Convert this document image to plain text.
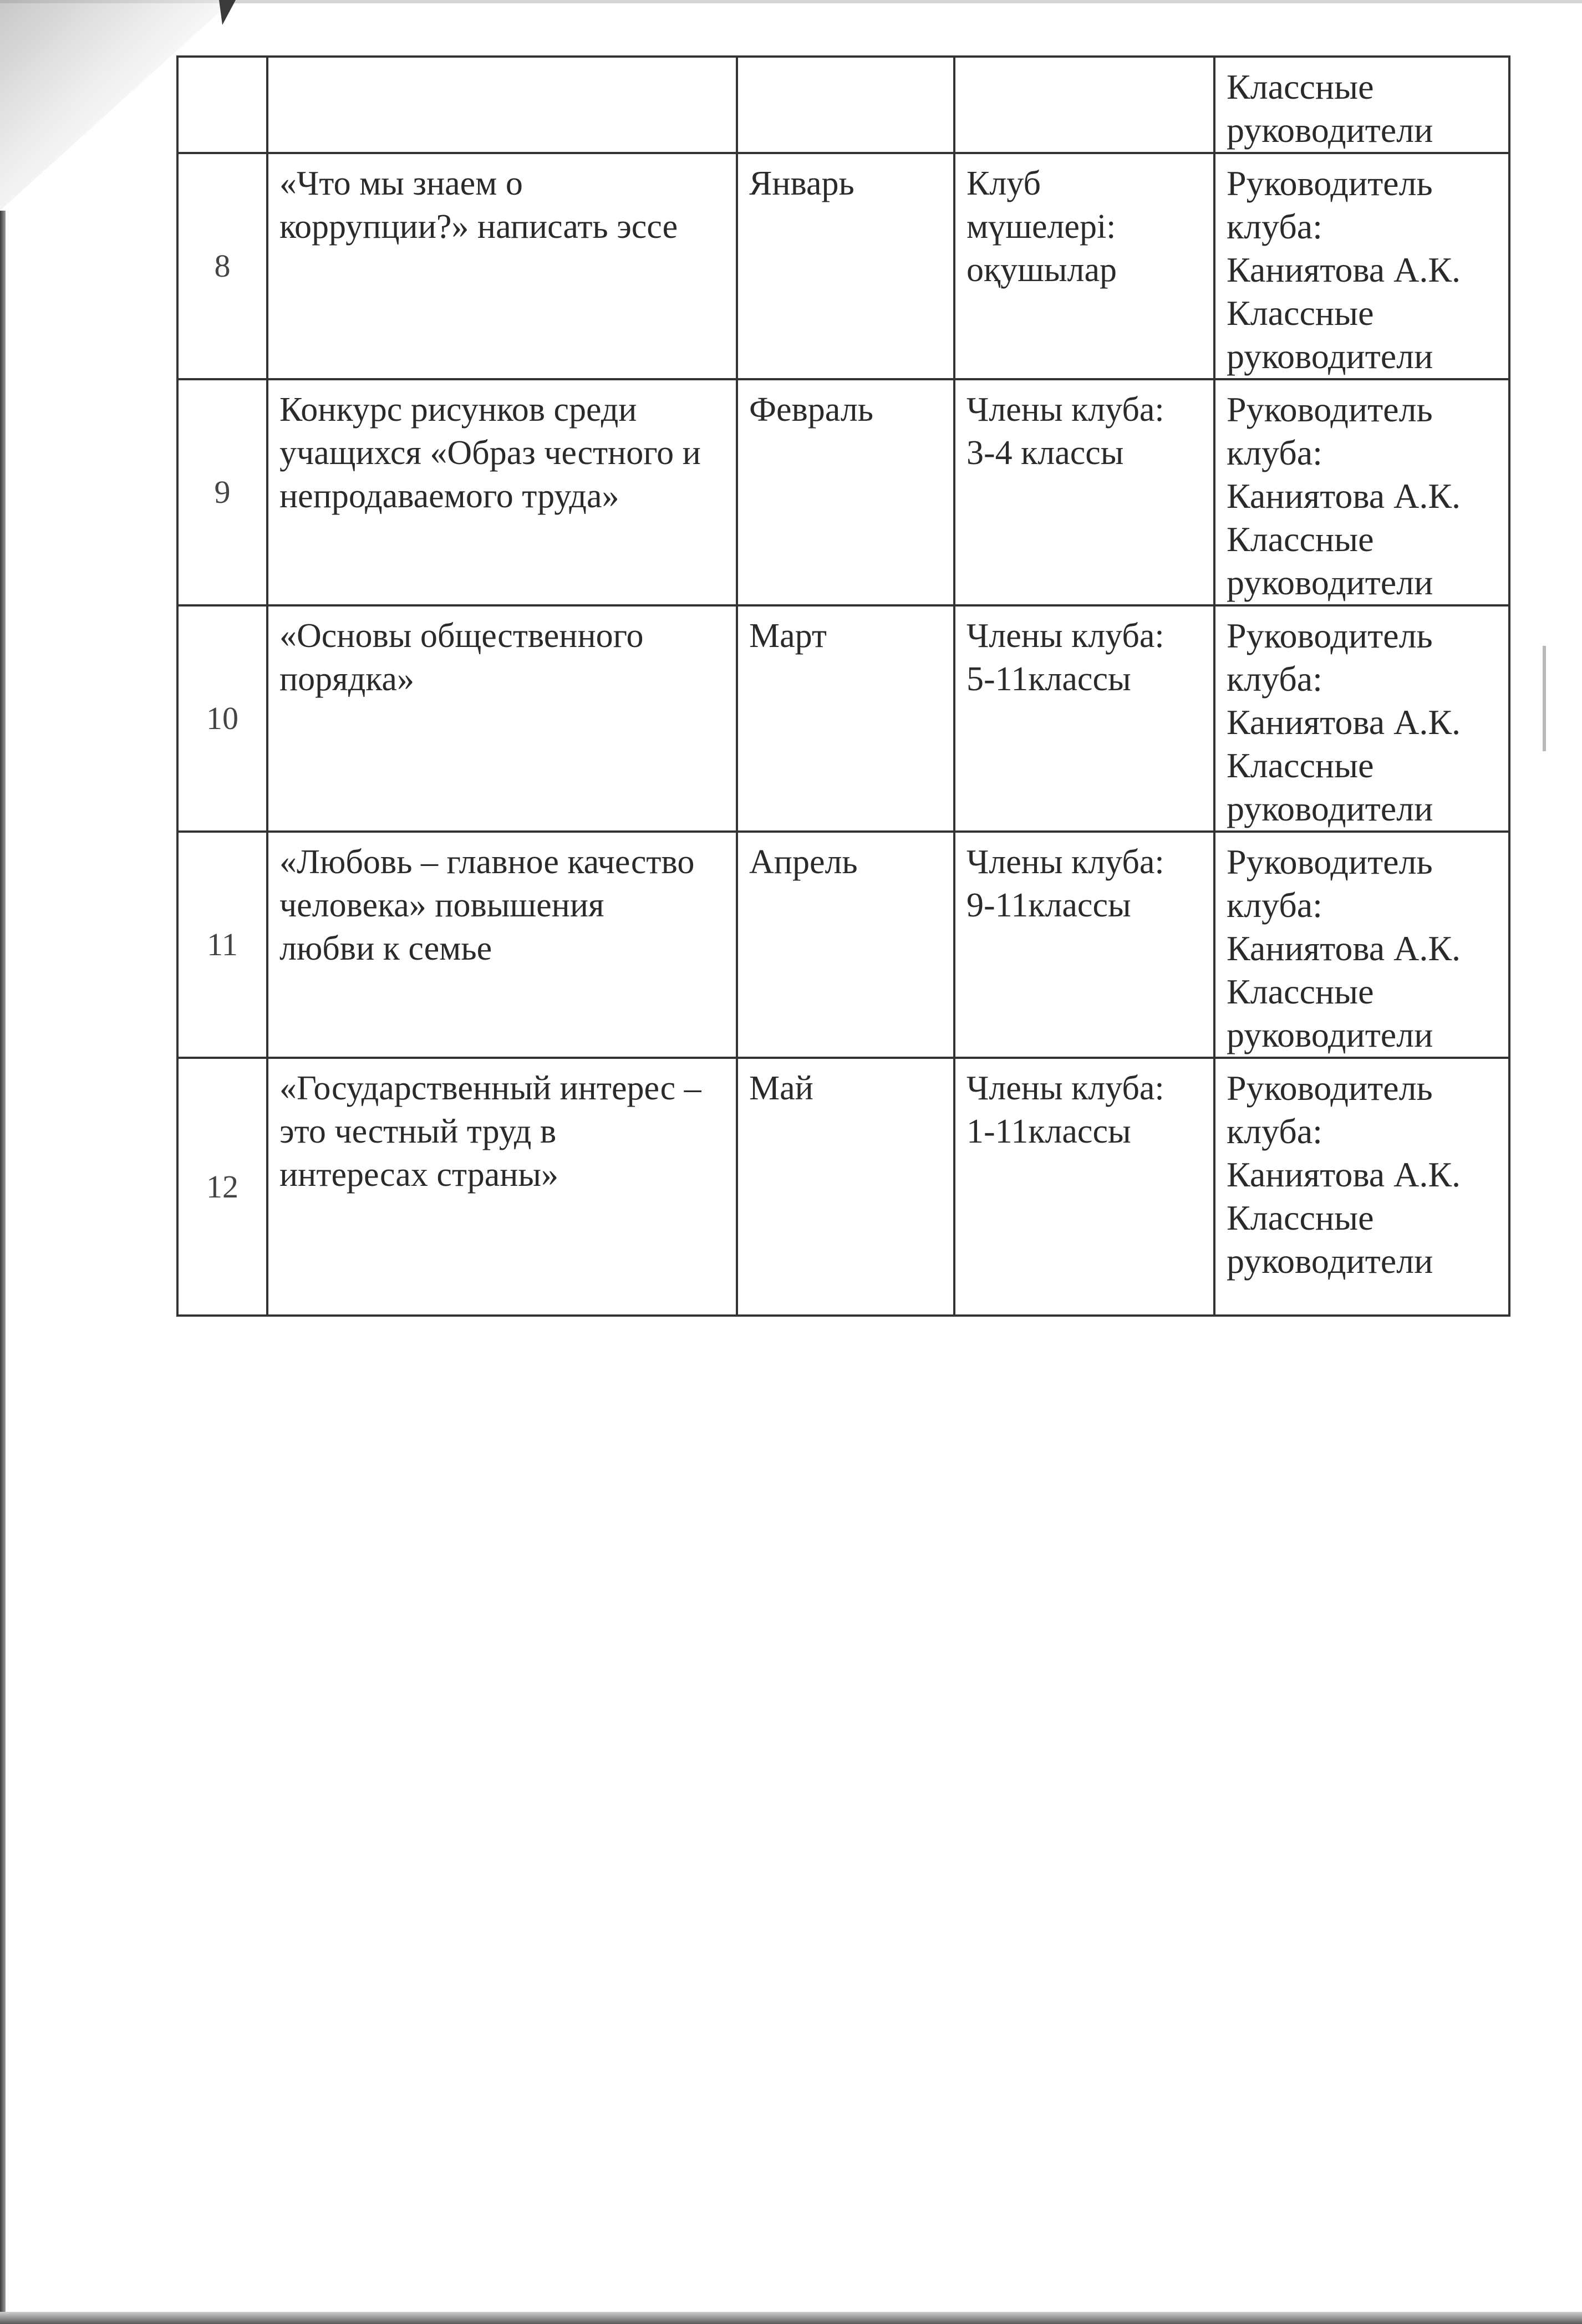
				Классные
руководители

8	«Что мы знаем о
коррупции?» написать эссе	Январь	Клуб
мүшелері:
оқушылар	Руководитель
клуба:
Каниятова А.К.
Классные
руководители

9	Конкурс рисунков среди
учащихся «Образ честного и
непродаваемого труда»	Февраль	Члены клуба:
3-4 классы	Руководитель
клуба:
Каниятова А.К.
Классные
руководители

10	«Основы общественного
порядка»	Март	Члены клуба:
5-11классы	Руководитель
клуба:
Каниятова А.К.
Классные
руководители

11	«Любовь – главное качество
человека» повышения
любви к семье	Апрель	Члены клуба:
9-11классы	Руководитель
клуба:
Каниятова А.К.
Классные
руководители

12	«Государственный интерес –
это честный труд в
интересах страны»	Май	Члены клуба:
1-11классы	Руководитель
клуба:
Каниятова А.К.
Классные
руководители
